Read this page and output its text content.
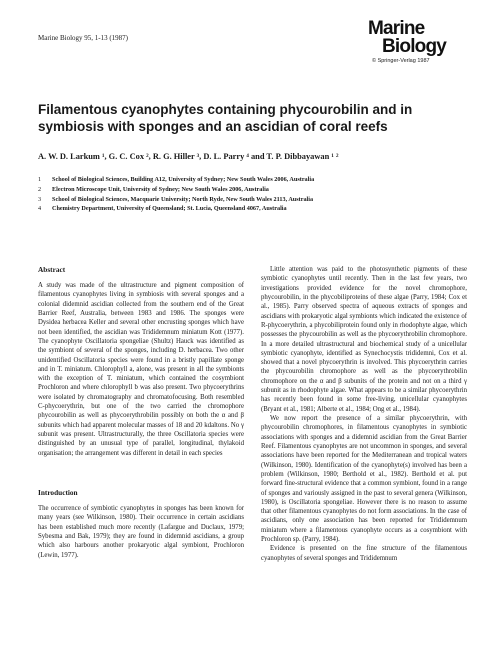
Marine Biology 95, 1-13 (1987)	Marine
Biology
© Springer-Verlag 1987
Filamentous cyanophytes containing phycourobilin and in symbiosis with sponges and an ascidian of coral reefs
A. W. D. Larkum ¹, G. C. Cox ², R. G. Hiller ³, D. L. Parry ⁴ and T. P. Dibbayawan ¹ ²
1 School of Biological Sciences, Building A12, University of Sydney; New South Wales 2006, Australia
2 Electron Microscope Unit, University of Sydney; New South Wales 2006, Australia
3 School of Biological Sciences, Macquarie University; North Ryde, New South Wales 2113, Australia
4 Chemistry Department, University of Queensland; St. Lucia, Queensland 4067, Australia
Abstract

A study was made of the ultrastructure and pigment composition of filamentous cyanophytes living in symbiosis with several sponges and a colonial didemnid ascidian collected from the southern end of the Great Barrier Reef, Australia, between 1983 and 1986. The sponges were Dysidea herbacea Keller and several other encrusting sponges which have not been identified, the ascidian was Trididemnum miniatum Kott (1977). The cyanophyte Oscillatoria spongeliae (Shultz) Hauck was identified as the symbiont of several of the sponges, including D. herbacea. Two other unidentified Oscillatoria species were found in a bristly papillate sponge and in T. miniatum. Chlorophyll a, alone, was present in all the symbionts with the exception of T. miniatum, which contained the cosymbiont Prochloron and where chlorophyll b was also present. Two phycoerythrins were isolated by chromatography and chromatofocusing. Both resembled C-phycoerythrin, but one of the two carried the chromophore phycourobilin as well as phycoerythrobilin possibly on both the α and β subunits which had apparent molecular masses of 18 and 20 kdaltons. No γ subunit was present. Ultrastructurally, the three Oscillatoria species were distinguished by an unusual type of parallel, longitudinal, thylakoid organisation; the arrangement was different in detail in each species

Introduction

The occurrence of symbiotic cyanophytes in sponges has been known for many years (see Wilkinson, 1980). Their occurrence in certain ascidians has been established much more recently (Lafargue and Duclaux, 1979; Sybesma and Bak, 1979); they are found in didemnid ascidians, a group which also harbours another prokaryotic algal symbiont, Prochloron (Lewin, 1977).

Little attention was paid to the photosynthetic pigments of these symbiotic cyanophytes until recently. Then in the last few years, two investigations provided evidence for the novel chromophore, phycourobilin, in the phycobiliproteins of these algae (Parry, 1984; Cox et al., 1985). Parry observed spectra of aqueous extracts of sponges and ascidians with prokaryotic algal symbionts which indicated the existence of R-phycoerythrin, a phycobiliprotein found only in rhodophyte algae, which possesses the phycourobilin as well as the phycoerythrobilin chromophore. In a more detailed ultrastructural and biochemical study of a unicellular symbiotic cyanophyte, identified as Synechocystis trididemni, Cox et al. showed that a novel phycoerythrin is involved. This phycoerythrin carries the phycourobilin chromophore as well as the phycoerythrobilin chromophore on the α and β subunits of the protein and not on a third γ subunit as in rhodophyte algae. What appears to be a similar phycoerythrin has recently been found in some free-living, unicellular cyanophytes (Bryant et al., 1981; Alberte et al., 1984; Ong et al., 1984).

We now report the presence of a similar phycoerythrin, with phycourobilin chromophores, in filamentous cyanophytes in symbiotic associations with sponges and a didemnid ascidian from the Great Barrier Reef. Filamentous cyanophytes are not uncommon in sponges, and several associations have been reported for the Mediterranean and tropical waters (Wilkinson, 1980). Identification of the cyanophyte(s) involved has been a problem (Wilkinson, 1980; Berthold et al., 1982). Berthold et al. put forward fine-structural evidence that a common symbiont, found in a range of sponges and variously assigned in the past to several genera (Wilkinson, 1980), is Oscillatoria spongeliae. However there is no reason to assume that other filamentous cyanophytes do not form associations. In the case of ascidians, only one association has been reported for Trididemnum miniatum where a filamentous cyanophyte occurs as a cosymbiont with Prochloron sp. (Parry, 1984).

Evidence is presented on the fine structure of the filamentous cyanophytes of several sponges and Trididemnum
